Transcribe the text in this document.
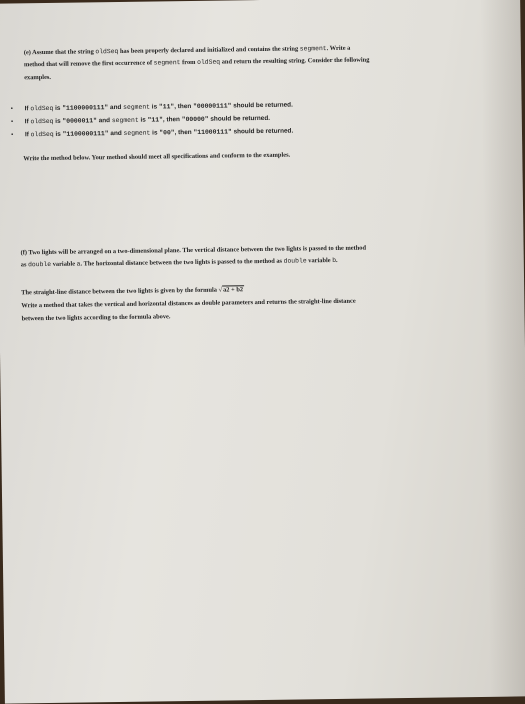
(e) Assume that the string oldSeq has been properly declared and initialized and contains the string segment. Write a
method that will remove the first occurrence of segment from oldSeq and return the resulting string. Consider the following
examples.
• If oldSeq is "1100000111" and segment is "11", then "00000111" should be returned.
• If oldSeq is "0000011" and segment is "11", then "00000" should be returned.
• If oldSeq is "1100000111" and segment is "00", then "11000111" should be returned.
Write the method below. Your method should meet all specifications and conform to the examples.
(f) Two lights will be arranged on a two-dimensional plane. The vertical distance between the two lights is passed to the method
as double variable a. The horizontal distance between the two lights is passed to the method as double variable b.
The straight-line distance between the two lights is given by the formula √a2 + b2
Write a method that takes the vertical and horizontal distances as double parameters and returns the straight-line distance
between the two lights according to the formula above.
